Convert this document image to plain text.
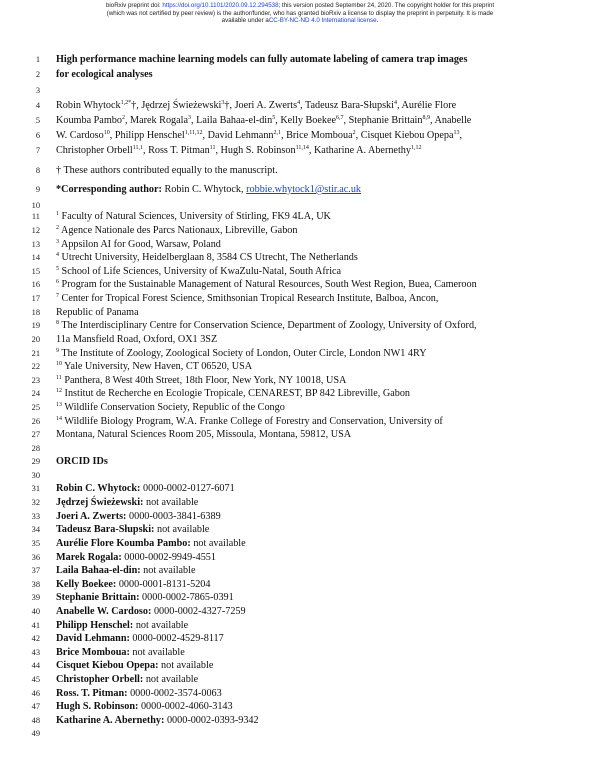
bioRxiv preprint doi: https://doi.org/10.1101/2020.09.12.294538; this version posted September 24, 2020. The copyright holder for this preprint
(which was not certified by peer review) is the author/funder, who has granted bioRxiv a license to display the preprint in perpetuity. It is made
available under aCC-BY-NC-ND 4.0 International license.
1
2
3
4
5
6
7
8
9
10
11
12
13
14
15
16
17
18
19
20
21
22
23
24
25
26
27
28
29
30
31
32
33
34
35
36
37
38
39
40
41
42
43
44
45
46
47
48
49
High performance machine learning models can fully automate labeling of camera trap images
for ecological analyses
Robin Whytock$^{1,2*}$†, Jędrzej Świeżewski$^3$†, Joeri A. Zwerts$^4$, Tadeusz Bara-Słupski$^4$, Aurélie Flore
Koumba Pambo$^2$, Marek Rogala$^3$, Laila Bahaa-el-din$^5$, Kelly Boekee$^{6,7}$, Stephanie Brittain$^{8,9}$, Anabelle
W. Cardoso$^{10}$, Philipp Henschel$^{1,11,12}$, David Lehmann$^{2,1}$, Brice Momboua$^2$, Cisquet Kiebou Opepa$^{13}$,
Christopher Orbell$^{11,1}$, Ross T. Pitman$^{11}$, Hugh S. Robinson$^{11,14}$, Katharine A. Abernethy$^{1,12}$
† These authors contributed equally to the manuscript.
*Corresponding author: Robin C. Whytock, robbie.whytock1@stir.ac.uk
$^1$ Faculty of Natural Sciences, University of Stirling, FK9 4LA, UK
$^2$ Agence Nationale des Parcs Nationaux, Libreville, Gabon
$^3$ Appsilon AI for Good, Warsaw, Poland
$^4$ Utrecht University, Heidelberglaan 8, 3584 CS Utrecht, The Netherlands
$^5$ School of Life Sciences, University of KwaZulu-Natal, South Africa
$^6$ Program for the Sustainable Management of Natural Resources, South West Region, Buea, Cameroon
$^7$ Center for Tropical Forest Science, Smithsonian Tropical Research Institute, Balboa, Ancon,
Republic of Panama
$^8$ The Interdisciplinary Centre for Conservation Science, Department of Zoology, University of Oxford,
11a Mansfield Road, Oxford, OX1 3SZ
$^9$ The Institute of Zoology, Zoological Society of London, Outer Circle, London NW1 4RY
$^{10}$ Yale University, New Haven, CT 06520, USA
$^{11}$ Panthera, 8 West 40th Street, 18th Floor, New York, NY 10018, USA
$^{12}$ Institut de Recherche en Ecologie Tropicale, CENAREST, BP 842 Libreville, Gabon
$^{13}$ Wildlife Conservation Society, Republic of the Congo
$^{14}$ Wildlife Biology Program, W.A. Franke College of Forestry and Conservation, University of
Montana, Natural Sciences Room 205, Missoula, Montana, 59812, USA
ORCID IDs
Robin C. Whytock: 0000-0002-0127-6071
Jędrzej Świeżewski: not available
Joeri A. Zwerts: 0000-0003-3841-6389
Tadeusz Bara-Słupski: not available
Aurélie Flore Koumba Pambo: not available
Marek Rogala: 0000-0002-9949-4551
Laila Bahaa-el-din: not available
Kelly Boekee: 0000-0001-8131-5204
Stephanie Brittain: 0000-0002-7865-0391
Anabelle W. Cardoso: 0000-0002-4327-7259
Philipp Henschel: not available
David Lehmann: 0000-0002-4529-8117
Brice Momboua: not available
Cisquet Kiebou Opepa: not available
Christopher Orbell: not available
Ross. T. Pitman: 0000-0002-3574-0063
Hugh S. Robinson: 0000-0002-4060-3143
Katharine A. Abernethy: 0000-0002-0393-9342
